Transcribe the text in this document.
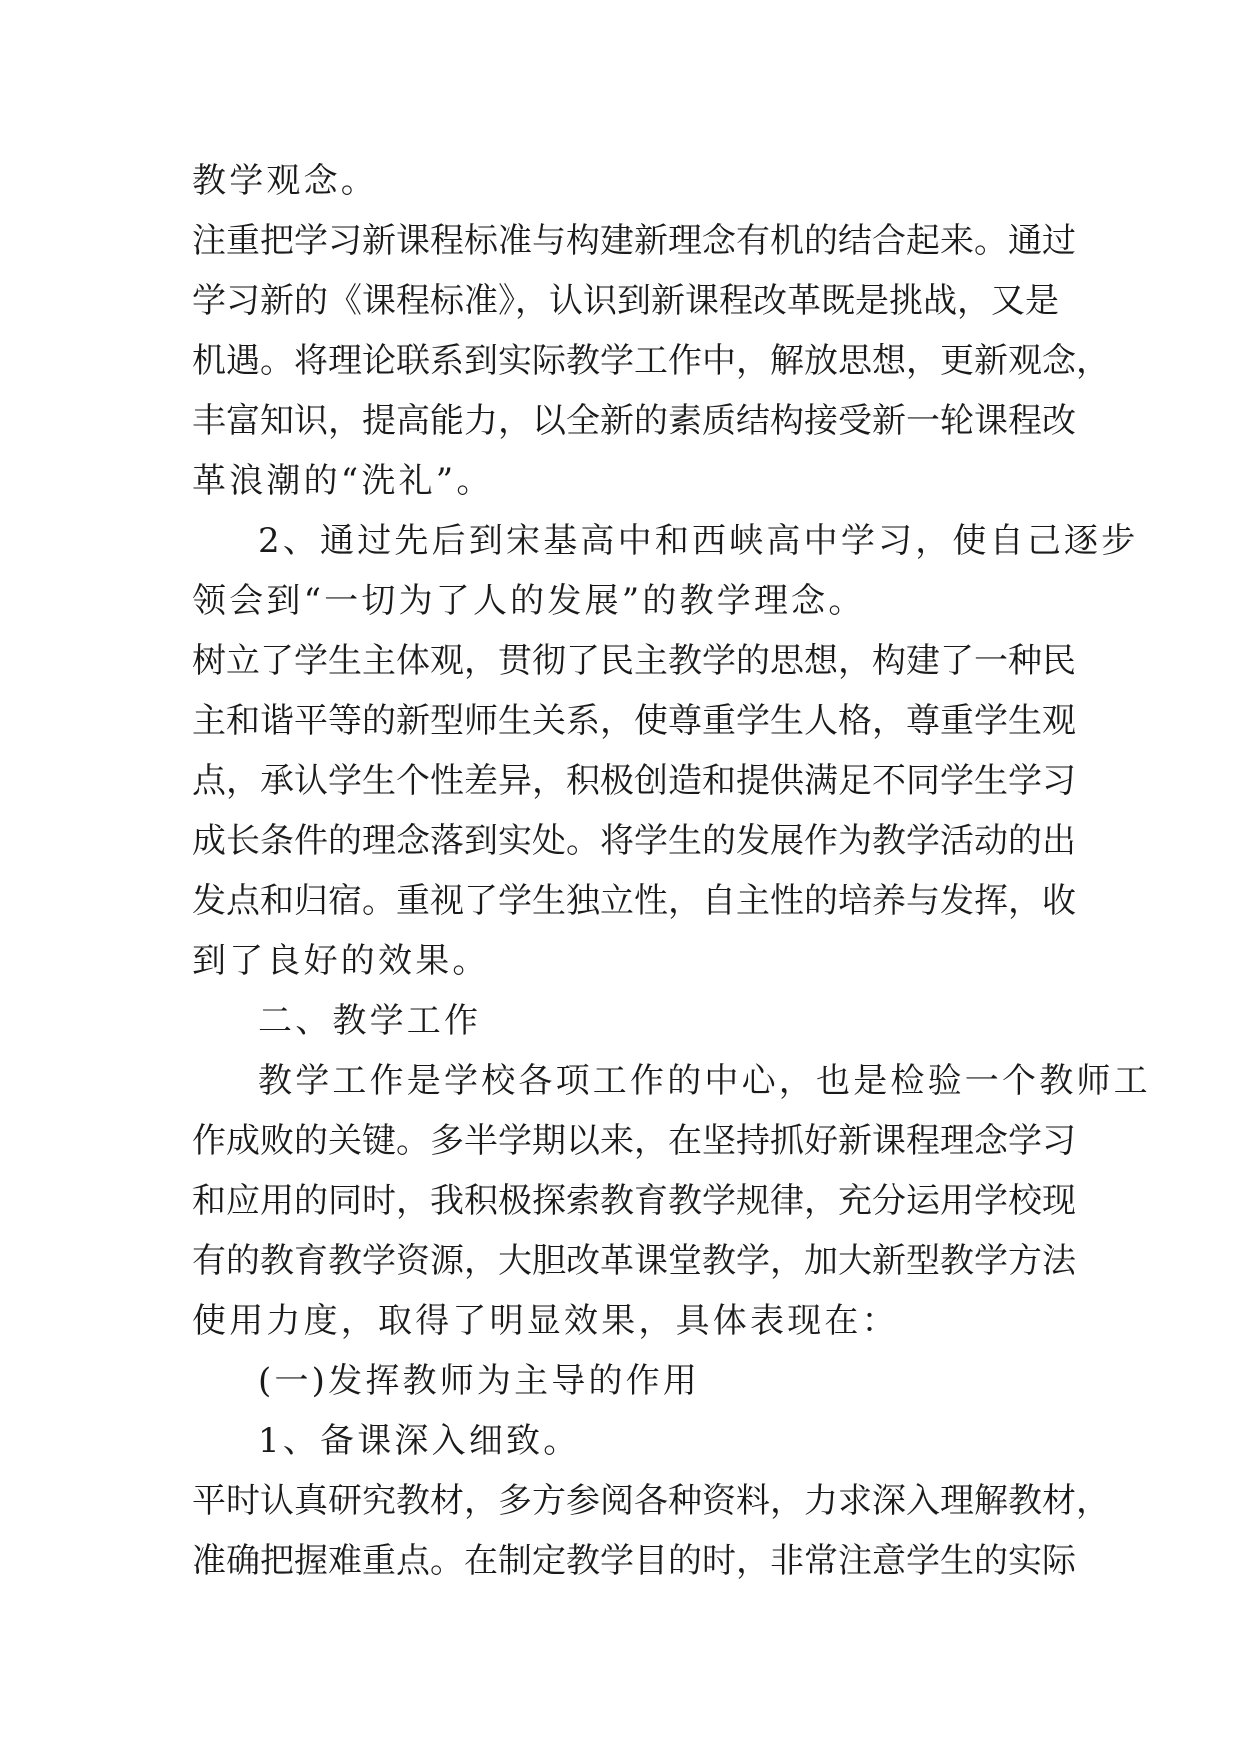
教学观念。
注重把学习新课程标准与构建新理念有机的结合起来。通过
学习新的《课程标准》，认识到新课程改革既是挑战，又是
机遇。将理论联系到实际教学工作中，解放思想，更新观念，
丰富知识，提高能力，以全新的素质结构接受新一轮课程改
革浪潮的“洗礼”。
2、通过先后到宋基高中和西峡高中学习，使自己逐步
领会到“一切为了人的发展”的教学理念。
树立了学生主体观，贯彻了民主教学的思想，构建了一种民
主和谐平等的新型师生关系，使尊重学生人格，尊重学生观
点，承认学生个性差异，积极创造和提供满足不同学生学习
成长条件的理念落到实处。将学生的发展作为教学活动的出
发点和归宿。重视了学生独立性，自主性的培养与发挥，收
到了良好的效果。
二、教学工作
教学工作是学校各项工作的中心，也是检验一个教师工
作成败的关键。多半学期以来，在坚持抓好新课程理念学习
和应用的同时，我积极探索教育教学规律，充分运用学校现
有的教育教学资源，大胆改革课堂教学，加大新型教学方法
使用力度，取得了明显效果，具体表现在：
(一)发挥教师为主导的作用
1、备课深入细致。
平时认真研究教材，多方参阅各种资料，力求深入理解教材，
准确把握难重点。在制定教学目的时，非常注意学生的实际
